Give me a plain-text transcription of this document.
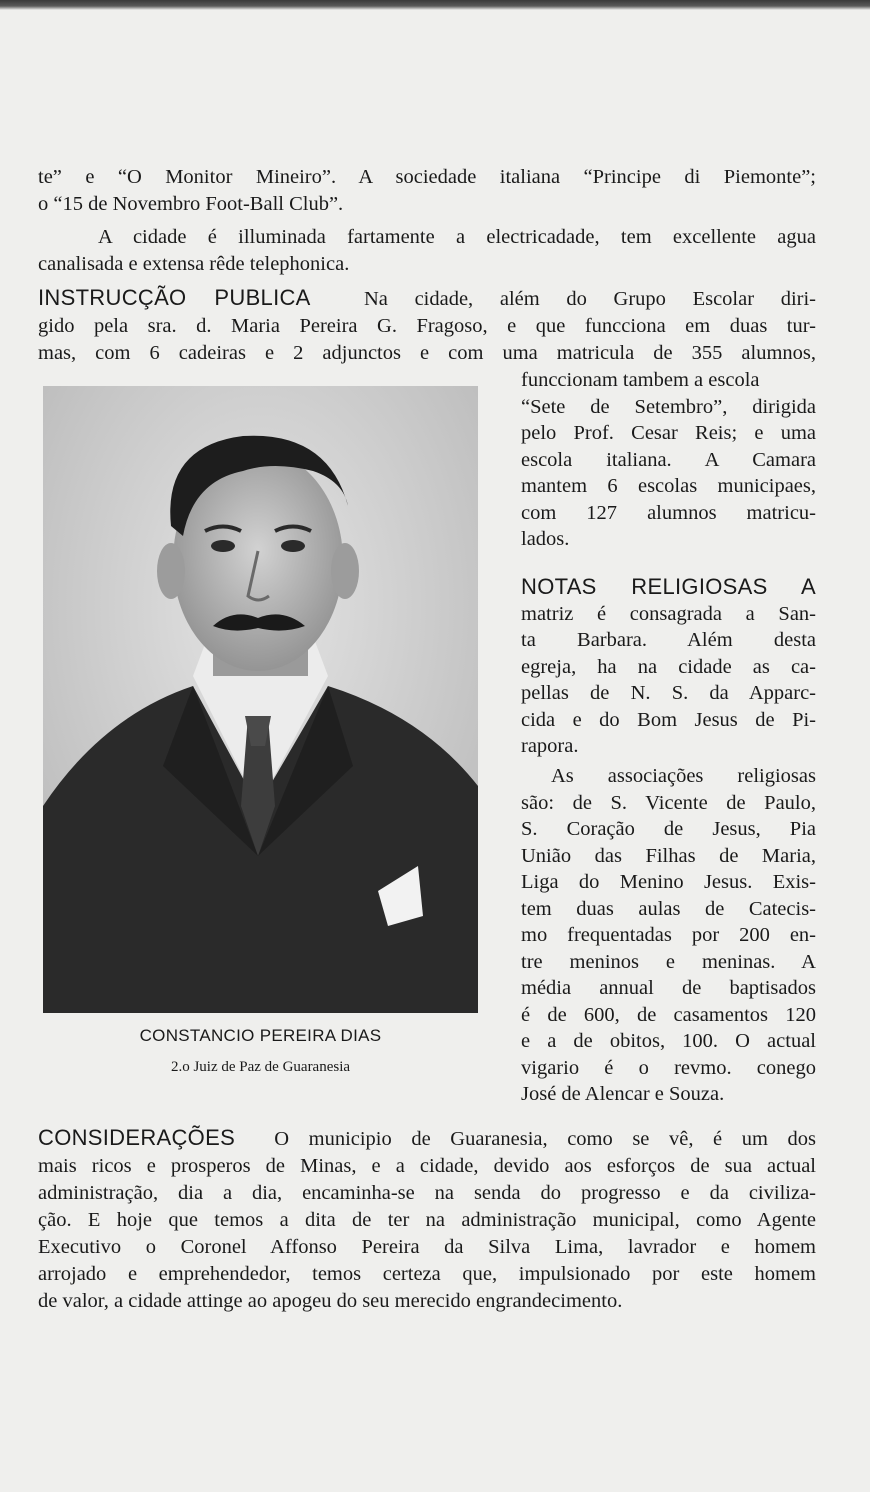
te” e “O Monitor Mineiro”. A sociedade italiana “Principe di Piemonte”;
o “15 de Novembro Foot-Ball Club”.
A cidade é illuminada fartamente a electricadade, tem excellente agua
canalisada e extensa rêde telephonica.
INSTRUCÇÃO PUBLICA	Na cidade, além do Grupo Escolar diri-
gido pela sra. d. Maria Pereira G. Fragoso, e que funcciona em duas tur-
mas, com 6 cadeiras e 2 adjunctos e com uma matricula de 355 alumnos,
funccionam tambem a escola
“Sete de Setembro”, dirigida
pelo Prof. Cesar Reis; e uma
escola italiana. A Camara
mantem 6 escolas municipaes,
com 127 alumnos matricu-
lados.
CONSTANCIO PEREIRA DIAS
2.o Juiz de Paz de Guaranesia
NOTAS RELIGIOSAS A
matriz é consagrada a San-
ta Barbara. Além desta
egreja, ha na cidade as ca-
pellas de N. S. da Apparc-
cida e do Bom Jesus de Pi-
rapora.
As associações religiosas
são: de S. Vicente de Paulo,
S. Coração de Jesus, Pia
União das Filhas de Maria,
Liga do Menino Jesus. Exis-
tem duas aulas de Catecis-
mo frequentadas por 200 en-
tre meninos e meninas. A
média annual de baptisados
é de 600, de casamentos 120
e a de obitos, 100. O actual
vigario é o revmo. conego
José de Alencar e Souza.
CONSIDERAÇÕES O municipio de Guaranesia, como se vê, é um dos
mais ricos e prosperos de Minas, e a cidade, devido aos esforços de sua actual
administração, dia a dia, encaminha-se na senda do progresso e da civiliza-
ção. E hoje que temos a dita de ter na administração municipal, como Agente
Executivo o Coronel Affonso Pereira da Silva Lima, lavrador e homem
arrojado e emprehendedor, temos certeza que, impulsionado por este homem
de valor, a cidade attinge ao apogeu do seu merecido engrandecimento.
